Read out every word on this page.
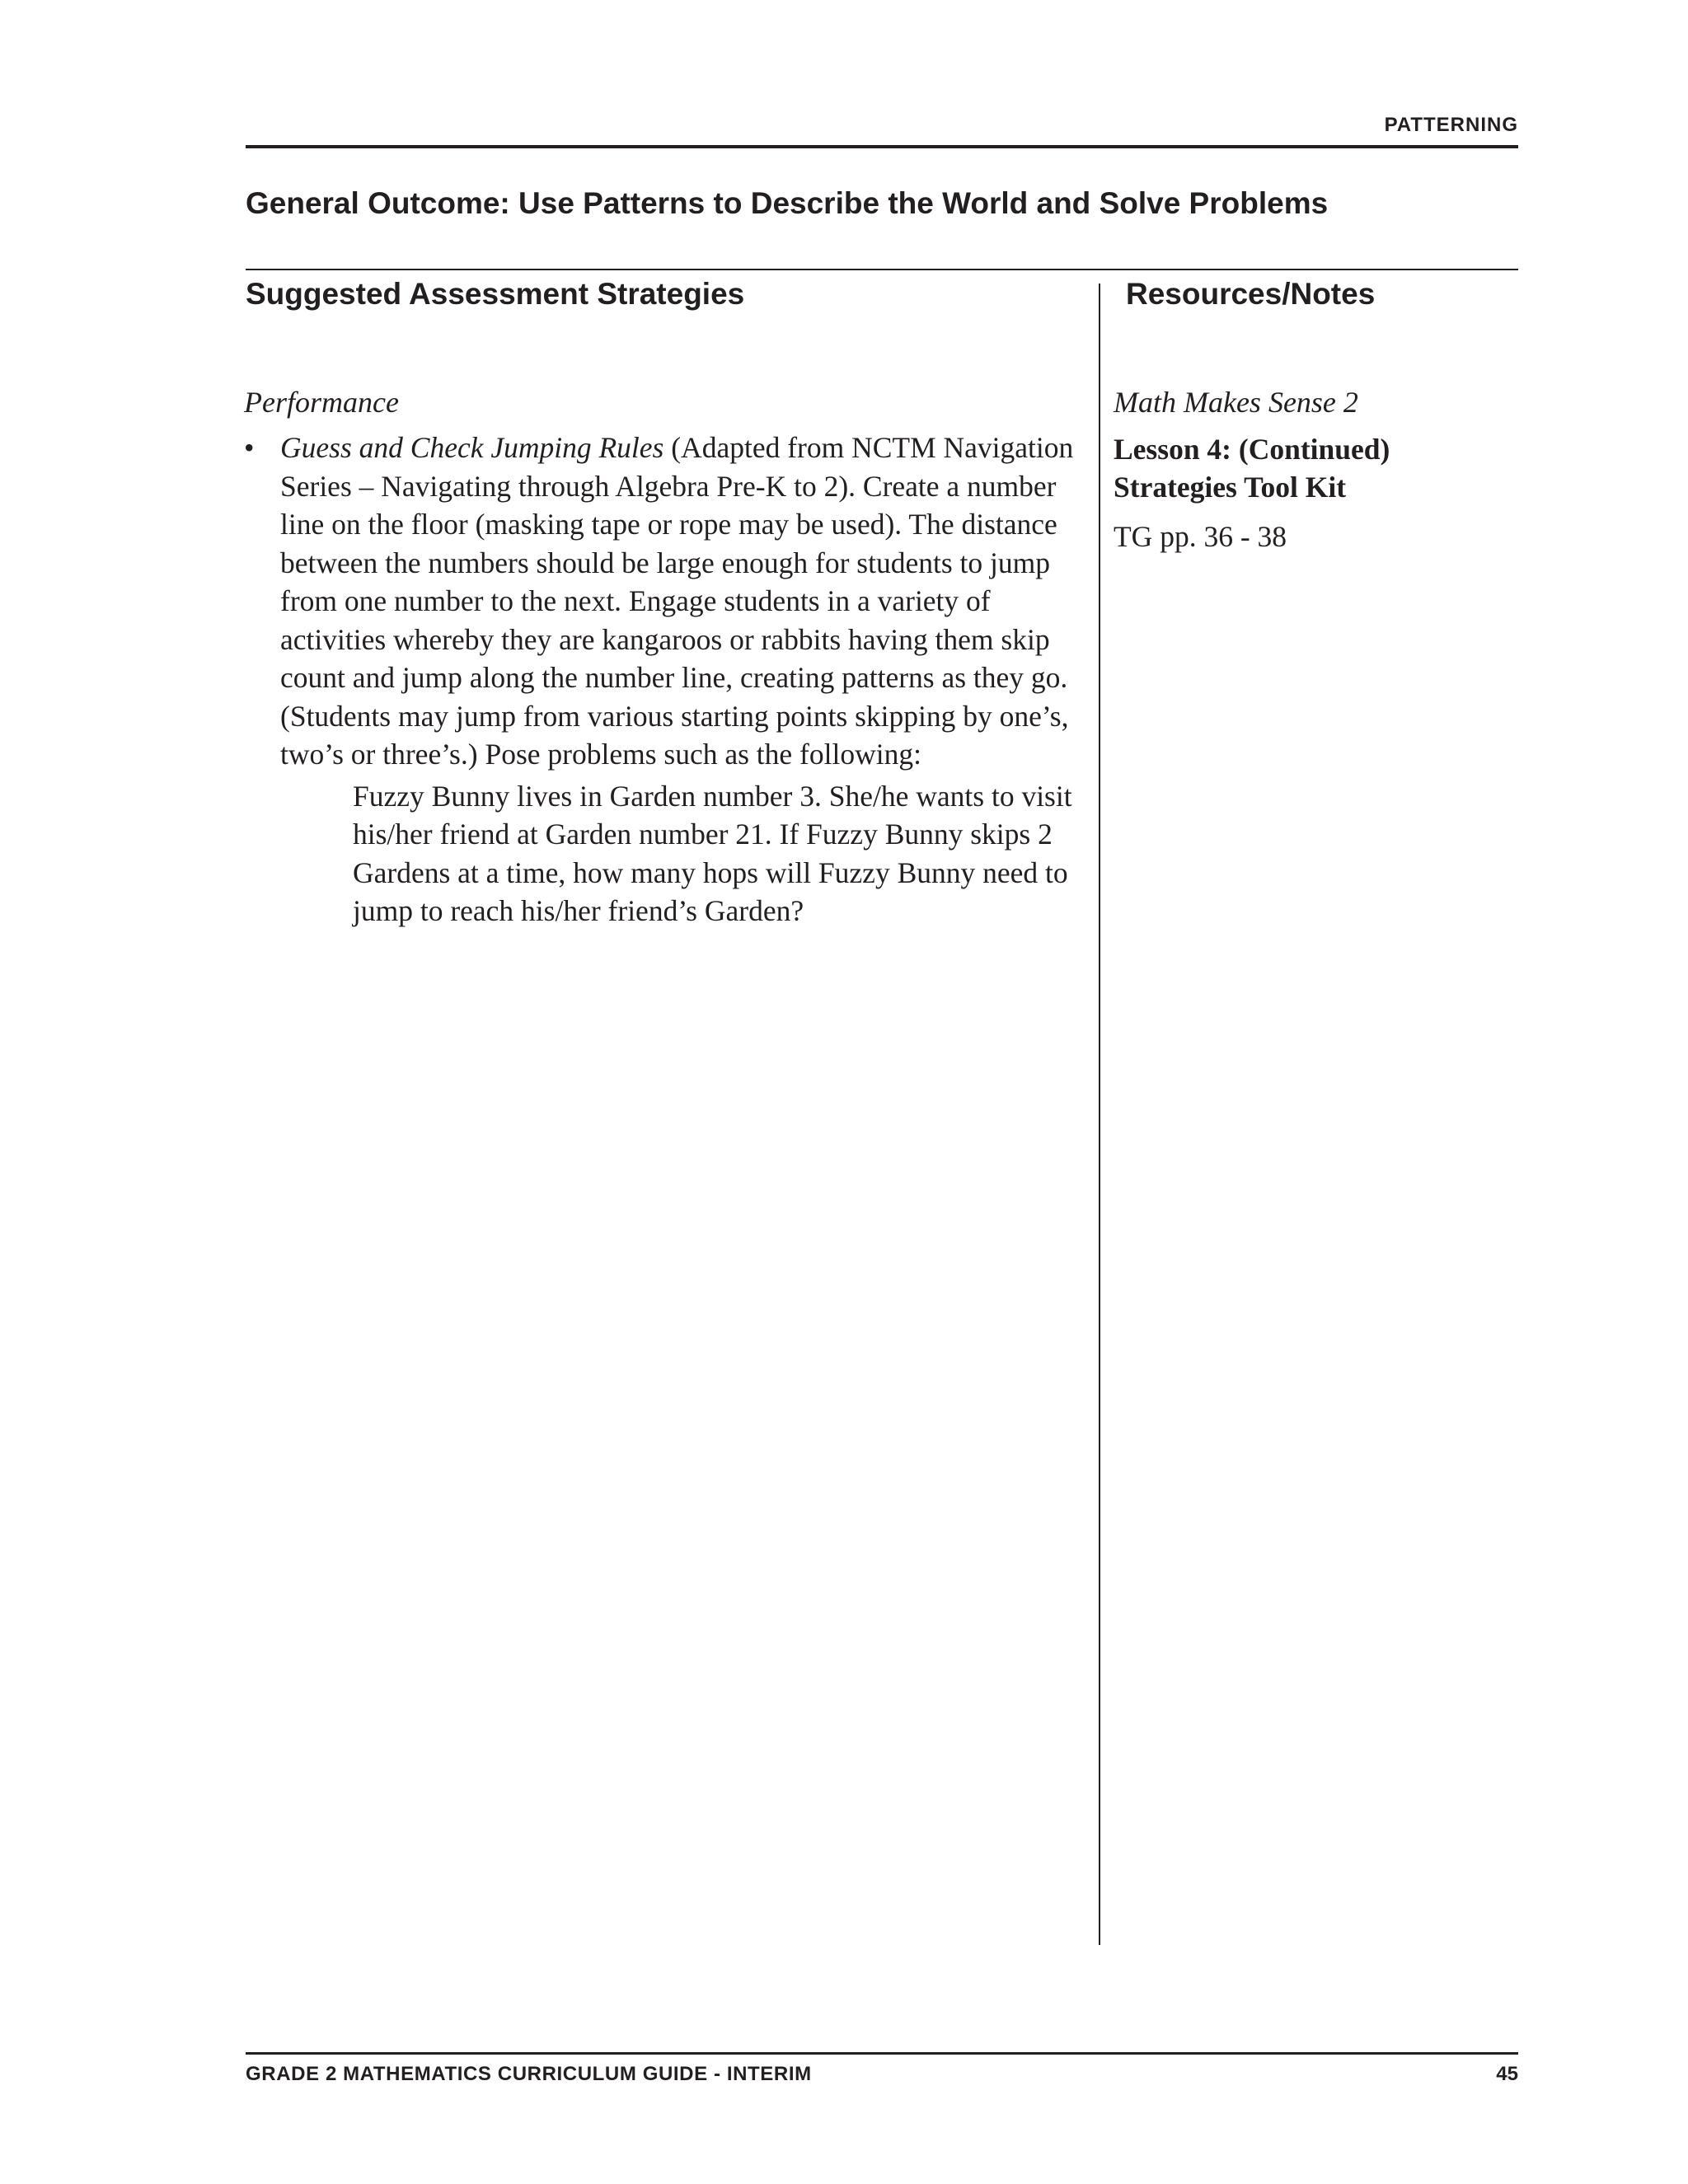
PATTERNING
General Outcome: Use Patterns to Describe the World and Solve Problems
Suggested Assessment Strategies	Resources/Notes

Performance

• Guess and Check Jumping Rules (Adapted from NCTM Navigation Series – Navigating through Algebra Pre-K to 2). Create a number line on the floor (masking tape or rope may be used). The distance between the numbers should be large enough for students to jump from one number to the next. Engage students in a variety of activities whereby they are kangaroos or rabbits having them skip count and jump along the number line, creating patterns as they go. (Students may jump from various starting points skipping by one’s, two’s or three’s.) Pose problems such as the following:
Fuzzy Bunny lives in Garden number 3. She/he wants to visit his/her friend at Garden number 21. If Fuzzy Bunny skips 2 Gardens at a time, how many hops will Fuzzy Bunny need to jump to reach his/her friend’s Garden?

Math Makes Sense 2

Lesson 4: (Continued) Strategies Tool Kit

TG pp. 36 - 38

GRADE 2 MATHEMATICS CURRICULUM GUIDE - INTERIM	45
